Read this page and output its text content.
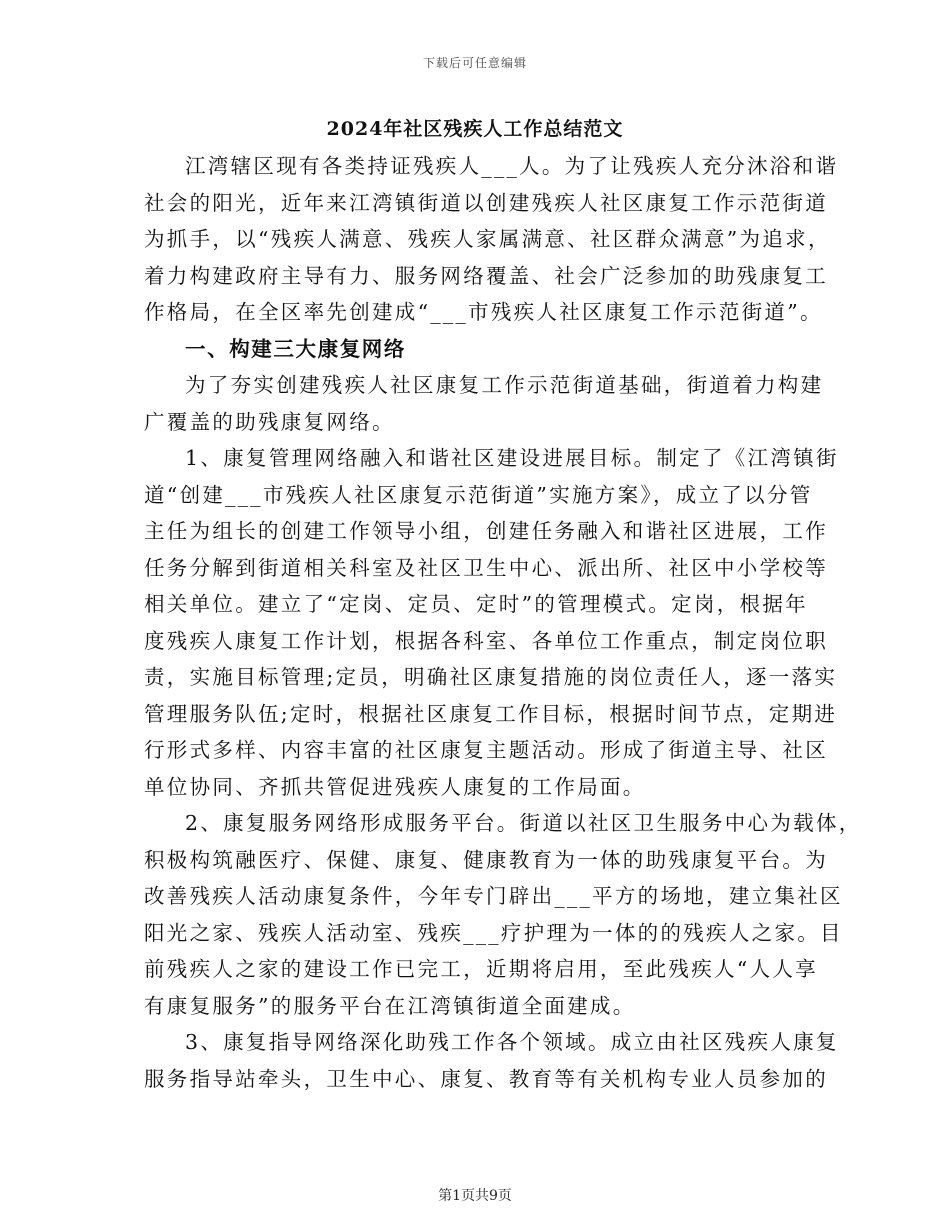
下载后可任意编辑
2024年社区残疾人工作总结范文

江湾辖区现有各类持证残疾人___人。为了让残疾人充分沐浴和谐
社会的阳光，近年来江湾镇街道以创建残疾人社区康复工作示范街道
为抓手，以“残疾人满意、残疾人家属满意、社区群众满意”为追求，
着力构建政府主导有力、服务网络覆盖、社会广泛参加的助残康复工
作格局，在全区率先创建成“___市残疾人社区康复工作示范街道”。

一、构建三大康复网络

为了夯实创建残疾人社区康复工作示范街道基础，街道着力构建
广覆盖的助残康复网络。

1、康复管理网络融入和谐社区建设进展目标。制定了《江湾镇街
道“创建___市残疾人社区康复示范街道”实施方案》，成立了以分管
主任为组长的创建工作领导小组，创建任务融入和谐社区进展，工作
任务分解到街道相关科室及社区卫生中心、派出所、社区中小学校等
相关单位。建立了“定岗、定员、定时”的管理模式。定岗，根据年
度残疾人康复工作计划，根据各科室、各单位工作重点，制定岗位职
责，实施目标管理;定员，明确社区康复措施的岗位责任人，逐一落实
管理服务队伍;定时，根据社区康复工作目标，根据时间节点，定期进
行形式多样、内容丰富的社区康复主题活动。形成了街道主导、社区
单位协同、齐抓共管促进残疾人康复的工作局面。

2、康复服务网络形成服务平台。街道以社区卫生服务中心为载体，
积极构筑融医疗、保健、康复、健康教育为一体的助残康复平台。为
改善残疾人活动康复条件，今年专门辟出___平方的场地，建立集社区
阳光之家、残疾人活动室、残疾___疗护理为一体的的残疾人之家。目
前残疾人之家的建设工作已完工，近期将启用，至此残疾人“人人享
有康复服务”的服务平台在江湾镇街道全面建成。

3、康复指导网络深化助残工作各个领域。成立由社区残疾人康复
服务指导站牵头，卫生中心、康复、教育等有关机构专业人员参加的

第1页共9页
